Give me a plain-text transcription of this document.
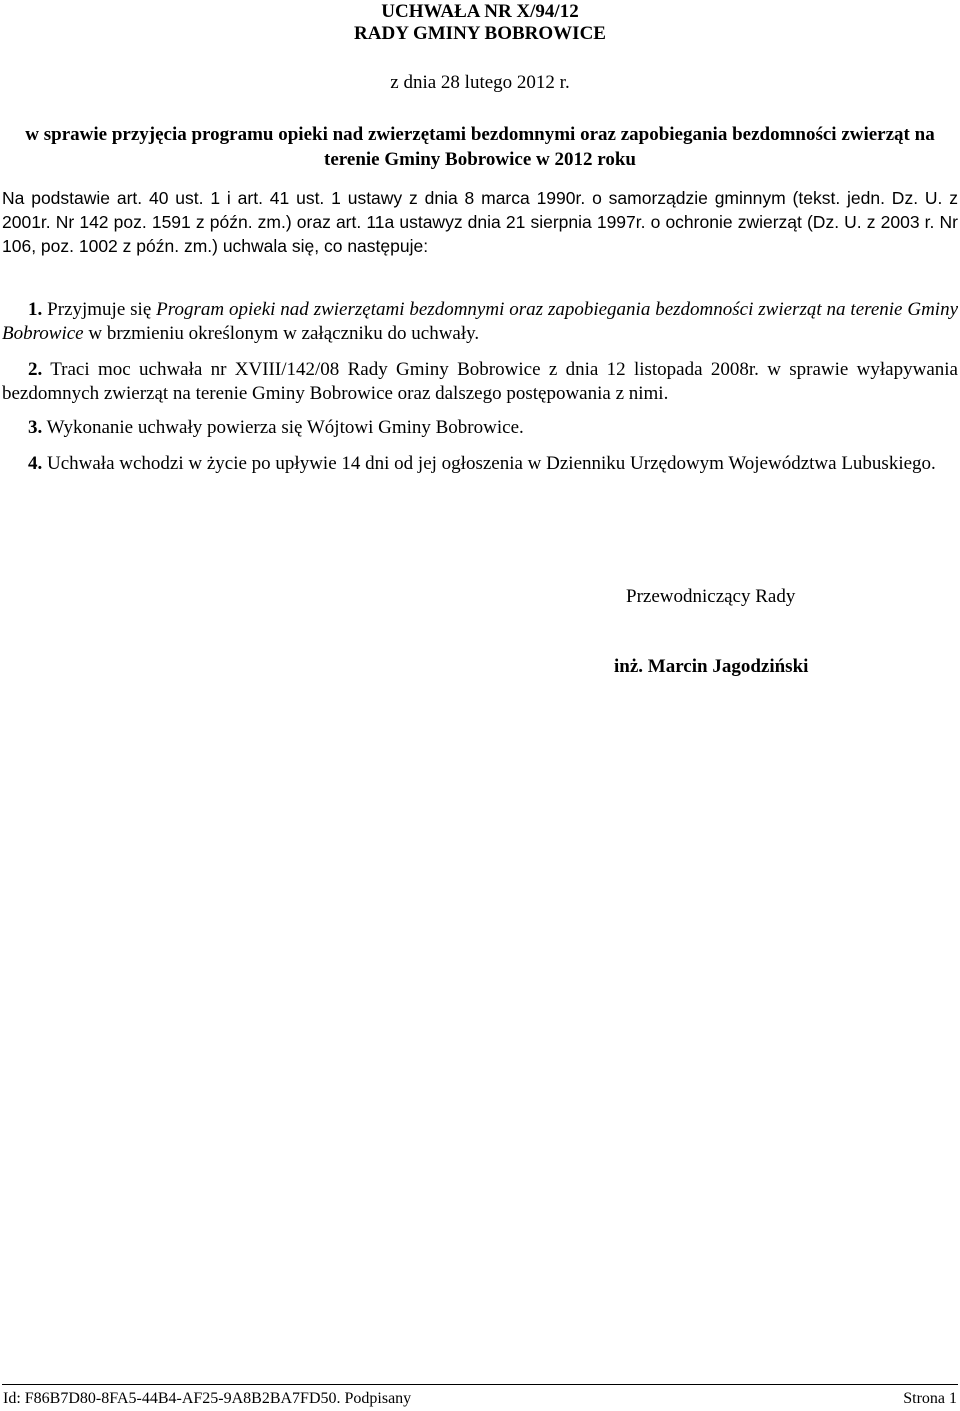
UCHWAŁA NR X/94/12
RADY GMINY BOBROWICE
z dnia 28 lutego 2012 r.
w sprawie przyjęcia programu opieki nad zwierzętami bezdomnymi oraz zapobiegania bezdomności zwierząt na terenie Gminy Bobrowice w 2012 roku
Na podstawie art. 40 ust. 1 i art. 41 ust. 1 ustawy z dnia 8 marca 1990r. o samorządzie gminnym (tekst. jedn. Dz. U. z 2001r. Nr 142 poz. 1591 z późn. zm.) oraz art. 11a ustawyz dnia 21 sierpnia 1997r. o ochronie zwierząt (Dz. U. z 2003 r. Nr 106, poz. 1002 z późn. zm.) uchwala się, co następuje:
1. Przyjmuje się Program opieki nad zwierzętami bezdomnymi oraz zapobiegania bezdomności zwierząt na terenie Gminy Bobrowice w brzmieniu określonym w załączniku do uchwały.
2. Traci moc uchwała nr XVIII/142/08 Rady Gminy Bobrowice z dnia 12 listopada 2008r. w sprawie wyłapywania bezdomnych zwierząt na terenie Gminy Bobrowice oraz dalszego postępowania z nimi.
3. Wykonanie uchwały powierza się Wójtowi Gminy Bobrowice.
4. Uchwała wchodzi w życie po upływie 14 dni od jej ogłoszenia w Dzienniku Urzędowym Województwa Lubuskiego.
Przewodniczący Rady
inż. Marcin Jagodziński
Id: F86B7D80-8FA5-44B4-AF25-9A8B2BA7FD50. Podpisany	Strona 1
